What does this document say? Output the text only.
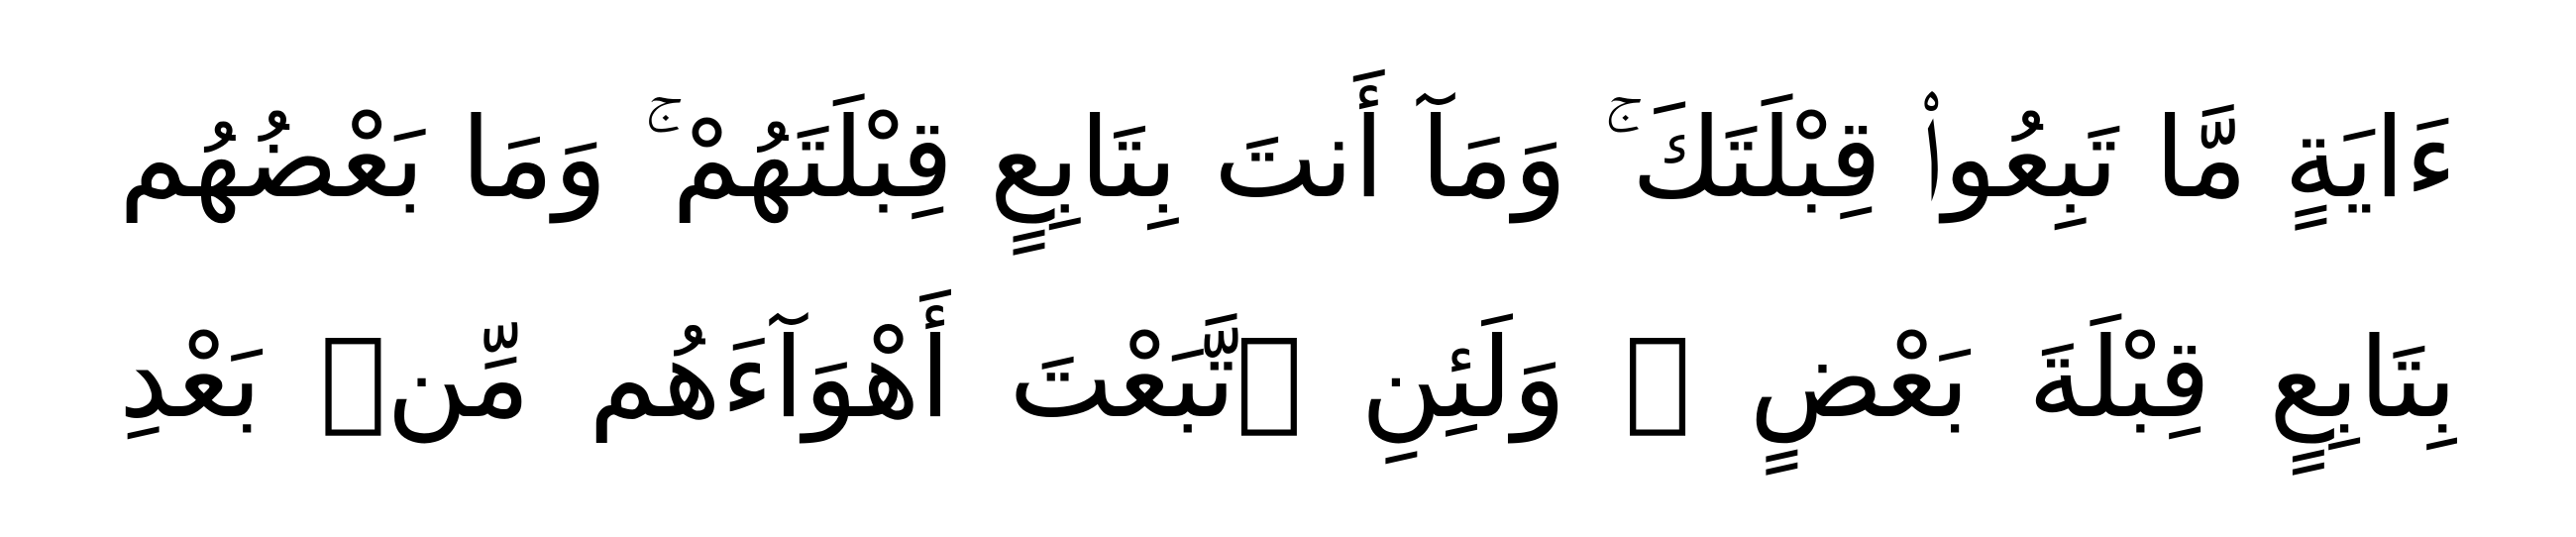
ءَايَةٍ مَّا تَبِعُوا۟ قِبْلَتَكَ ۚ وَمَآ أَنتَ بِتَابِعٍ قِبْلَتَهُمْ ۚ وَمَا بَعْضُهُم
بِتَابِعٍ قِبْلَةَ بَعْضٍ ۚ وَلَئِنِ ٱتَّبَعْتَ أَهْوَآءَهُم مِّنۢ بَعْدِ
